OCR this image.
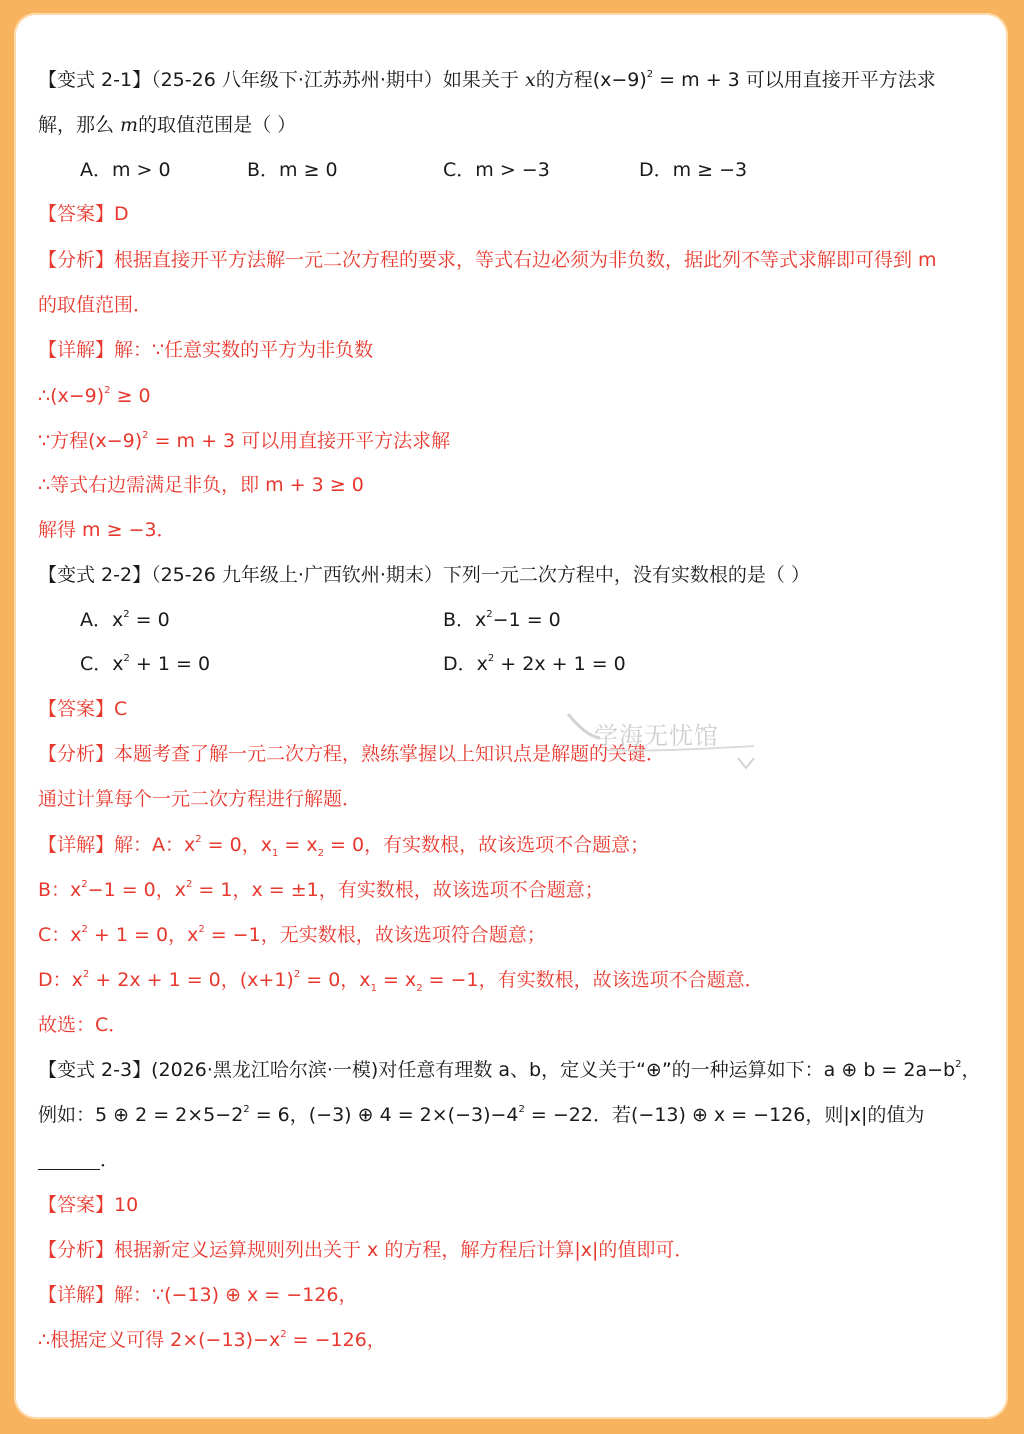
【变式 2-1】（25-26 八年级下·江苏苏州·期中）如果关于 x的方程$(x-9)^2 = m + 3$ 可以用直接开平方法求
解，那么 m的取值范围是（ ）
A．m > 0	B．m ≥ 0	C．m > −3	D．m ≥ −3
【答案】D
【分析】根据直接开平方法解一元二次方程的要求，等式右边必须为非负数，据此列不等式求解即可得到 m
的取值范围．
【详解】解：∵任意实数的平方为非负数
$\therefore(x-9)^2 \ge 0$
∵方程$(x-9)^2 = m + 3$ 可以用直接开平方法求解
∴等式右边需满足非负，即 m + 3 ≥ 0
解得 m ≥ −3．
【变式 2-2】（25-26 九年级上·广西钦州·期末）下列一元二次方程中，没有实数根的是（ ）
A．$x^2 = 0$	B．$x^2-1 = 0$
C．$x^2 + 1 = 0$	D．$x^2 + 2x + 1 = 0$
【答案】C
【分析】本题考查了解一元二次方程，熟练掌握以上知识点是解题的关键．
通过计算每个一元二次方程进行解题．
【详解】解：A：$x^2 = 0$，$x_1 = x_2 = 0$，有实数根，故该选项不合题意；
B：$x^2-1 = 0$，$x^2 = 1$，x = ±1，有实数根，故该选项不合题意；
C：$x^2 + 1 = 0$，$x^2 = -1$，无实数根，故该选项符合题意；
D：$x^2 + 2x + 1 = 0$，$(x+1)^2 = 0$，$x_1 = x_2 = -1$，有实数根，故该选项不合题意．
故选：C．
【变式 2-3】(2026·黑龙江哈尔滨·一模)对任意有理数 a、b，定义关于“⊕”的一种运算如下：a ⊕ $b = 2a-b^2$，
例如：5 ⊕ $2 = 2\times 5-2^2 = 6$，(−3) ⊕ $4 = 2\times(-3)-4^2 = -22$．若(−13) ⊕ x = −126，则|x|的值为
．
【答案】10
【分析】根据新定义运算规则列出关于 x 的方程，解方程后计算|x|的值即可．
【详解】解：∵(−13) ⊕ x = −126，
∴根据定义可得 $2\times(-13)-x^2 = -126$，
学海无忧馆
